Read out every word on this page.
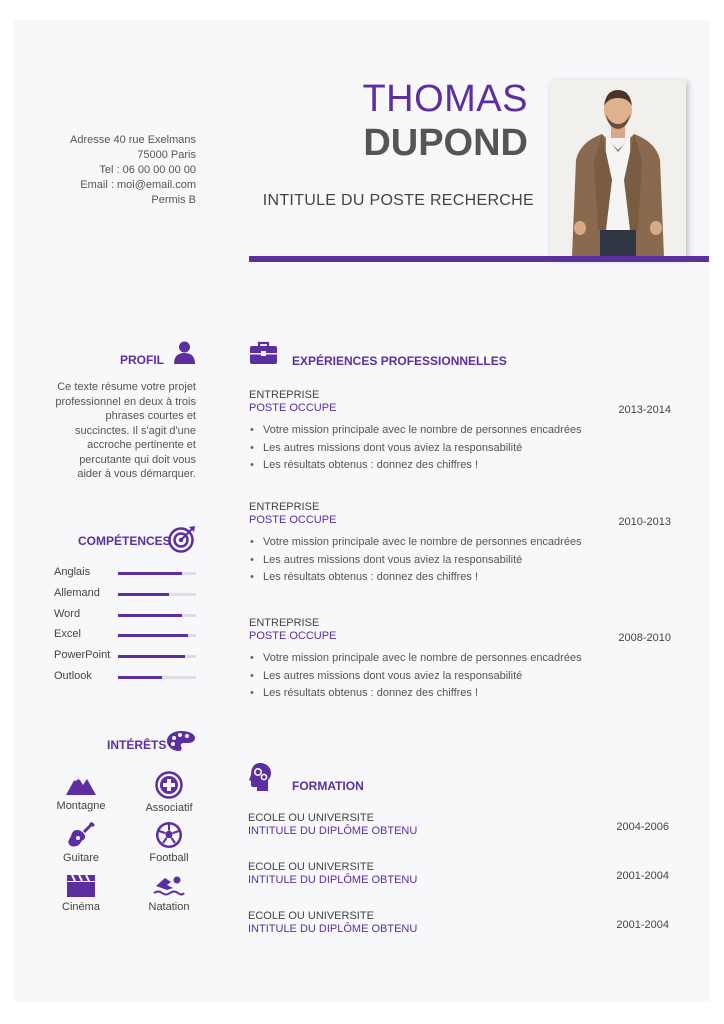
THOMAS
DUPOND
INTITULE DU POSTE RECHERCHE
Adresse 40 rue Exelmans
75000 Paris
Tel : 06 00 00 00 00
Email : moi@email.com
Permis B
PROFIL
Ce texte résume votre projet
professionnel en deux à trois
phrases courtes et
succinctes. Il s'agit d'une
accroche pertinente et
percutante qui doit vous
aider à vous démarquer.
COMPÉTENCES
Anglais
Allemand
Word
Excel
PowerPoint
Outlook
INTÉRÊTS
Montagne	Associatif
Guitare	Football
Cinéma	Natation
EXPÉRIENCES PROFESSIONNELLES
ENTREPRISE
POSTE OCCUPE	2013-2014
• Votre mission principale avec le nombre de personnes encadrées
• Les autres missions dont vous aviez la responsabilité
• Les résultats obtenus : donnez des chiffres !
ENTREPRISE
POSTE OCCUPE	2010-2013
• Votre mission principale avec le nombre de personnes encadrées
• Les autres missions dont vous aviez la responsabilité
• Les résultats obtenus : donnez des chiffres !
ENTREPRISE
POSTE OCCUPE	2008-2010
• Votre mission principale avec le nombre de personnes encadrées
• Les autres missions dont vous aviez la responsabilité
• Les résultats obtenus : donnez des chiffres !
FORMATION
ECOLE OU UNIVERSITE
INTITULE DU DIPLÔME OBTENU	2004-2006
ECOLE OU UNIVERSITE
INTITULE DU DIPLÔME OBTENU	2001-2004
ECOLE OU UNIVERSITE
INTITULE DU DIPLÔME OBTENU	2001-2004
